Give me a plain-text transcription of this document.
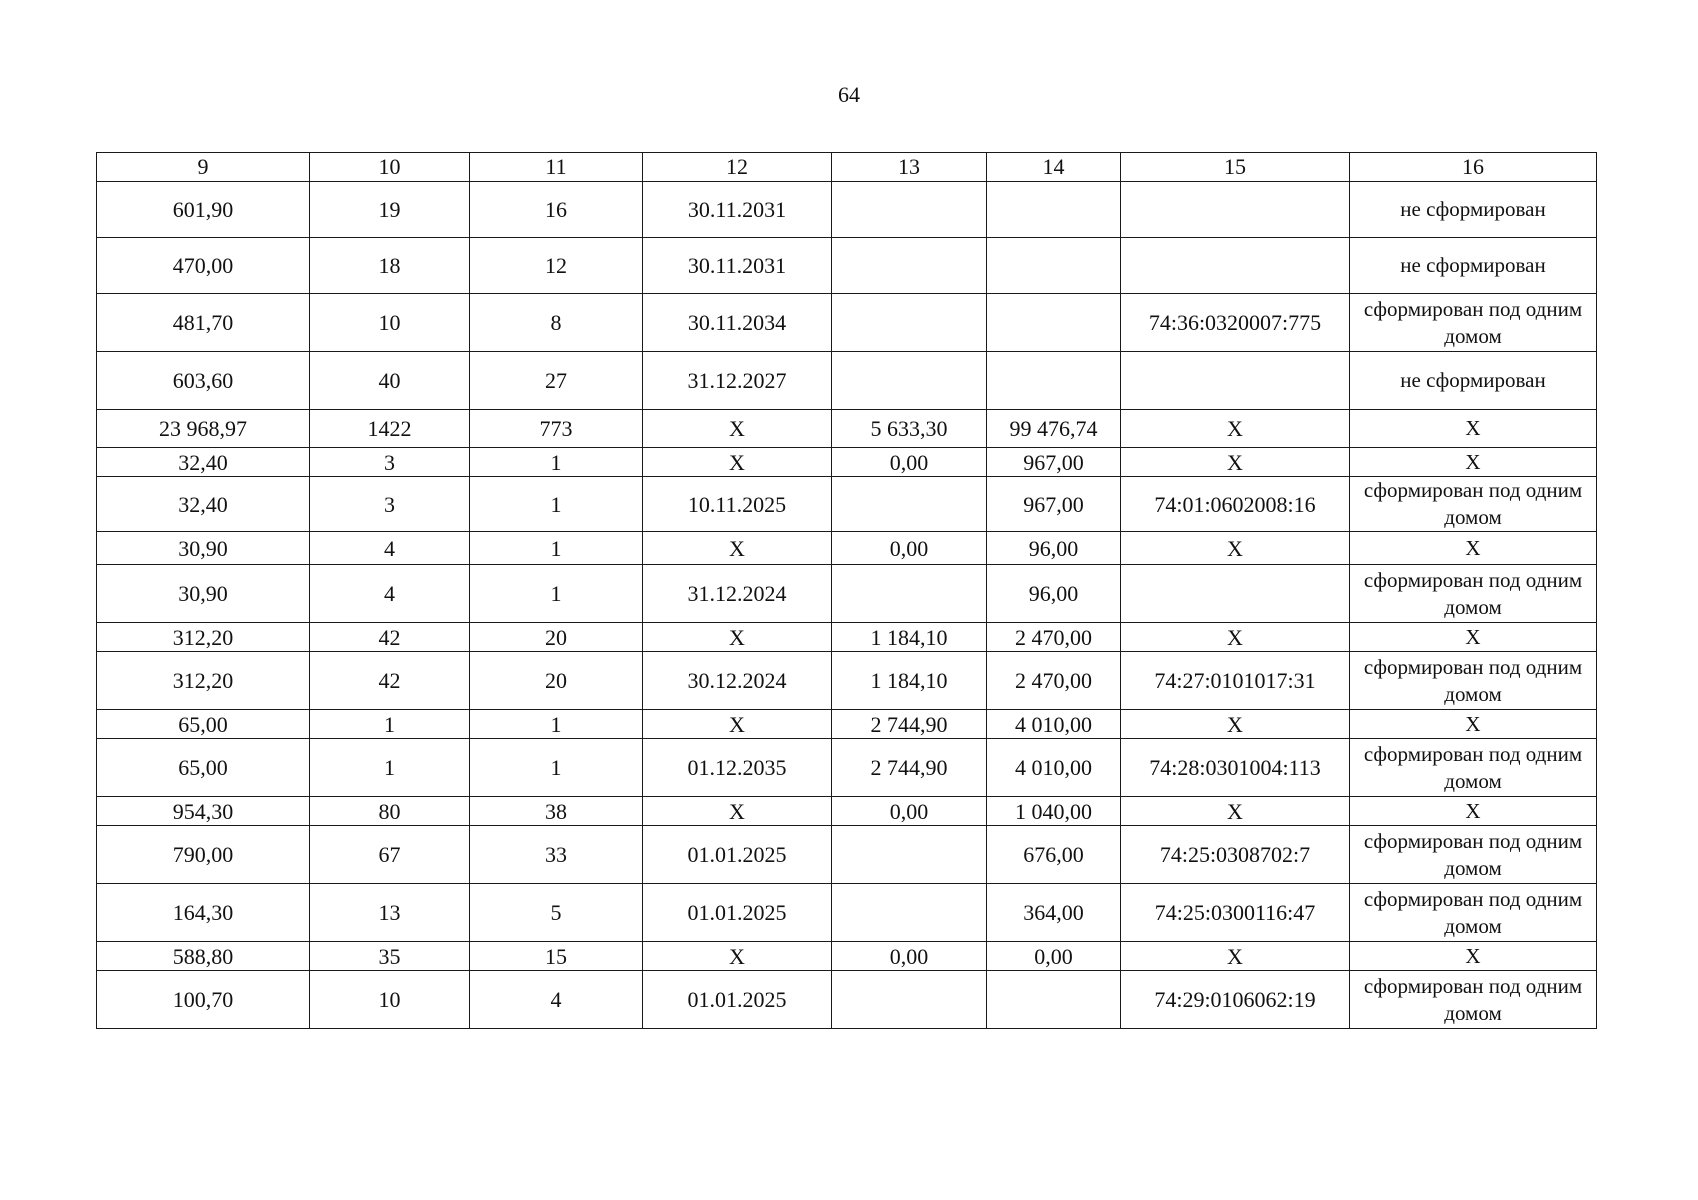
64
9	10	11	12	13	14	15	16
601,90	19	16	30.11.2031				не сформирован
470,00	18	12	30.11.2031				не сформирован
481,70	10	8	30.11.2034			74:36:0320007:775	сформирован под одним домом
603,60	40	27	31.12.2027				не сформирован
23 968,97	1422	773	X	5 633,30	99 476,74	X	X
32,40	3	1	X	0,00	967,00	X	X
32,40	3	1	10.11.2025		967,00	74:01:0602008:16	сформирован под одним домом
30,90	4	1	X	0,00	96,00	X	X
30,90	4	1	31.12.2024		96,00		сформирован под одним домом
312,20	42	20	X	1 184,10	2 470,00	X	X
312,20	42	20	30.12.2024	1 184,10	2 470,00	74:27:0101017:31	сформирован под одним домом
65,00	1	1	X	2 744,90	4 010,00	X	X
65,00	1	1	01.12.2035	2 744,90	4 010,00	74:28:0301004:113	сформирован под одним домом
954,30	80	38	X	0,00	1 040,00	X	X
790,00	67	33	01.01.2025		676,00	74:25:0308702:7	сформирован под одним домом
164,30	13	5	01.01.2025		364,00	74:25:0300116:47	сформирован под одним домом
588,80	35	15	X	0,00	0,00	X	X
100,70	10	4	01.01.2025			74:29:0106062:19	сформирован под одним домом
